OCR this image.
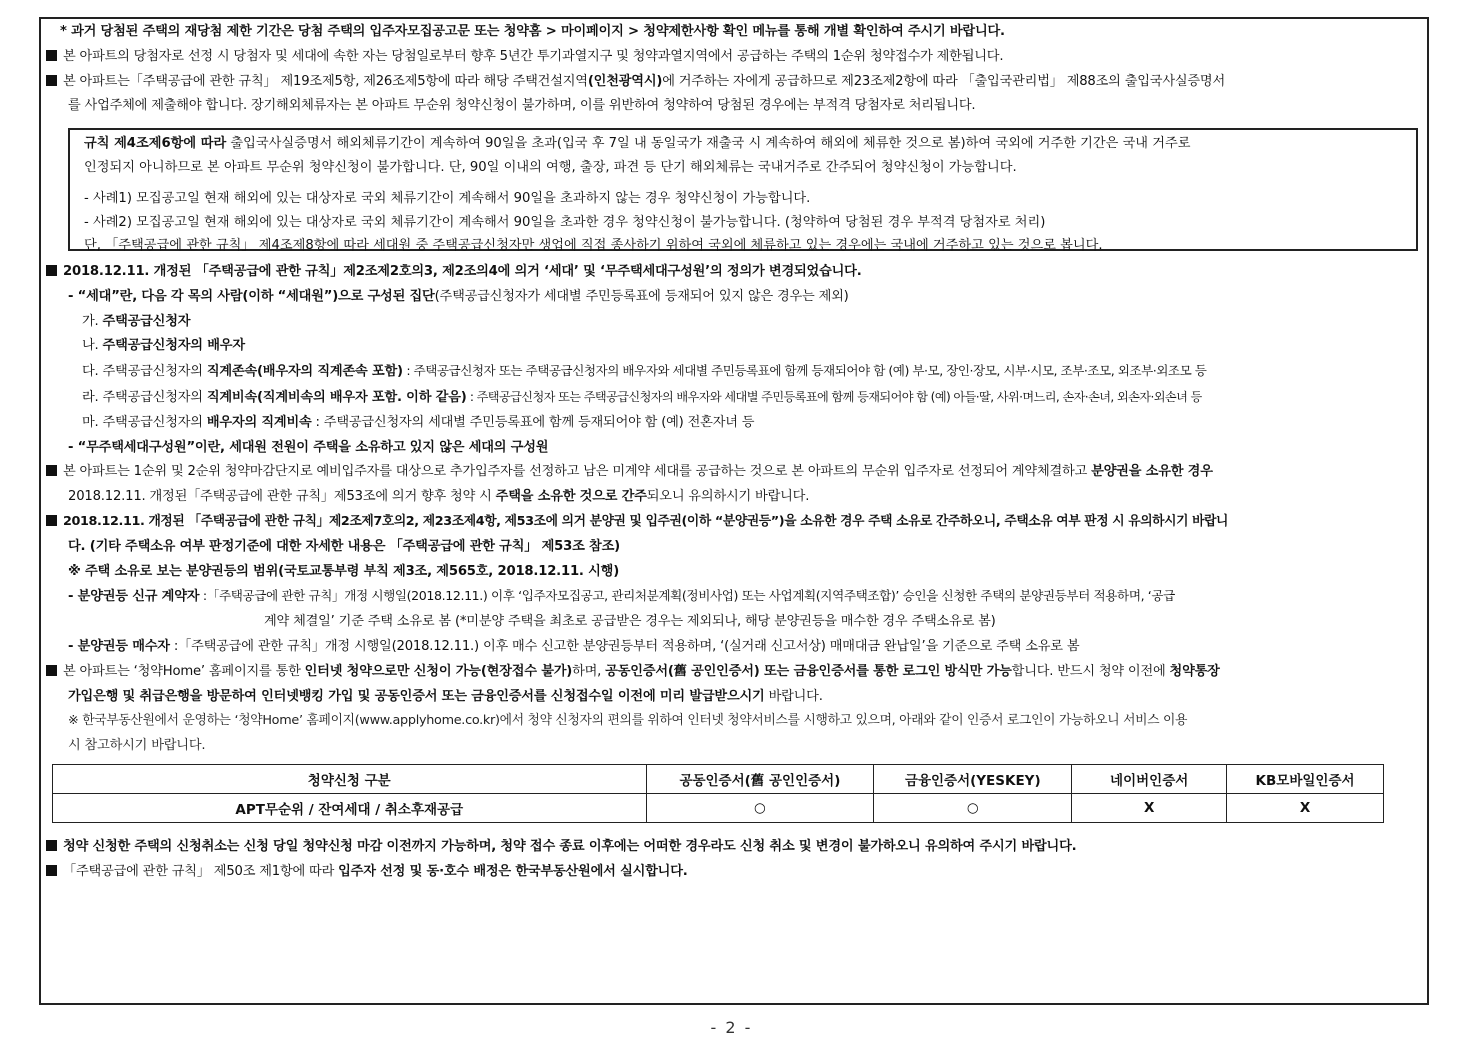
* 과거 당첨된 주택의 재당첨 제한 기간은 당첨 주택의 입주자모집공고문 또는 청약홈 > 마이페이지 > 청약제한사항 확인 메뉴를 통해 개별 확인하여 주시기 바랍니다.
본 아파트의 당첨자로 선정 시 당첨자 및 세대에 속한 자는 당첨일로부터 향후 5년간 투기과열지구 및 청약과열지역에서 공급하는 주택의 1순위 청약접수가 제한됩니다.
본 아파트는「주택공급에 관한 규칙」 제19조제5항, 제26조제5항에 따라 해당 주택건설지역(인천광역시)에 거주하는 자에게 공급하므로 제23조제2항에 따라 「출입국관리법」 제88조의 출입국사실증명서
를 사업주체에 제출해야 합니다. 장기해외체류자는 본 아파트 무순위 청약신청이 불가하며, 이를 위반하여 청약하여 당첨된 경우에는 부적격 당첨자로 처리됩니다.
규칙 제4조제6항에 따라 출입국사실증명서 해외체류기간이 계속하여 90일을 초과(입국 후 7일 내 동일국가 재출국 시 계속하여 해외에 체류한 것으로 봄)하여 국외에 거주한 기간은 국내 거주로
인정되지 아니하므로 본 아파트 무순위 청약신청이 불가합니다. 단, 90일 이내의 여행, 출장, 파견 등 단기 해외체류는 국내거주로 간주되어 청약신청이 가능합니다.
- 사례1) 모집공고일 현재 해외에 있는 대상자로 국외 체류기간이 계속해서 90일을 초과하지 않는 경우 청약신청이 가능합니다.
- 사례2) 모집공고일 현재 해외에 있는 대상자로 국외 체류기간이 계속해서 90일을 초과한 경우 청약신청이 불가능합니다. (청약하여 당첨된 경우 부적격 당첨자로 처리)
단, 「주택공급에 관한 규칙」 제4조제8항에 따라 세대원 중 주택공급신청자만 생업에 직접 종사하기 위하여 국외에 체류하고 있는 경우에는 국내에 거주하고 있는 것으로 봅니다.
2018.12.11. 개정된 「주택공급에 관한 규칙」제2조제2호의3, 제2조의4에 의거 ‘세대’ 및 ‘무주택세대구성원’의 정의가 변경되었습니다.
- “세대”란, 다음 각 목의 사람(이하 “세대원”)으로 구성된 집단(주택공급신청자가 세대별 주민등록표에 등재되어 있지 않은 경우는 제외)
가. 주택공급신청자
나. 주택공급신청자의 배우자
다. 주택공급신청자의 직계존속(배우자의 직계존속 포함) : 주택공급신청자 또는 주택공급신청자의 배우자와 세대별 주민등록표에 함께 등재되어야 함 (예) 부·모, 장인·장모, 시부·시모, 조부·조모, 외조부·외조모 등
라. 주택공급신청자의 직계비속(직계비속의 배우자 포함. 이하 같음) : 주택공급신청자 또는 주택공급신청자의 배우자와 세대별 주민등록표에 함께 등재되어야 함 (예) 아들·딸, 사위·며느리, 손자·손녀, 외손자·외손녀 등
마. 주택공급신청자의 배우자의 직계비속 : 주택공급신청자의 세대별 주민등록표에 함께 등재되어야 함 (예) 전혼자녀 등
- “무주택세대구성원”이란, 세대원 전원이 주택을 소유하고 있지 않은 세대의 구성원
본 아파트는 1순위 및 2순위 청약마감단지로 예비입주자를 대상으로 추가입주자를 선정하고 남은 미계약 세대를 공급하는 것으로 본 아파트의 무순위 입주자로 선정되어 계약체결하고 분양권을 소유한 경우
2018.12.11. 개정된「주택공급에 관한 규칙」제53조에 의거 향후 청약 시 주택을 소유한 것으로 간주되오니 유의하시기 바랍니다.
2018.12.11. 개정된 「주택공급에 관한 규칙」제2조제7호의2, 제23조제4항, 제53조에 의거 분양권 및 입주권(이하 “분양권등”)을 소유한 경우 주택 소유로 간주하오니, 주택소유 여부 판정 시 유의하시기 바랍니
다. (기타 주택소유 여부 판정기준에 대한 자세한 내용은 「주택공급에 관한 규칙」 제53조 참조)
※ 주택 소유로 보는 분양권등의 범위(국토교통부령 부칙 제3조, 제565호, 2018.12.11. 시행)
- 분양권등 신규 계약자 :「주택공급에 관한 규칙」개정 시행일(2018.12.11.) 이후 ‘입주자모집공고, 관리처분계획(정비사업) 또는 사업계획(지역주택조합)’ 승인을 신청한 주택의 분양권등부터 적용하며, ‘공급
계약 체결일’ 기준 주택 소유로 봄 (*미분양 주택을 최초로 공급받은 경우는 제외되나, 해당 분양권등을 매수한 경우 주택소유로 봄)
- 분양권등 매수자 :「주택공급에 관한 규칙」개정 시행일(2018.12.11.) 이후 매수 신고한 분양권등부터 적용하며, ‘(실거래 신고서상) 매매대금 완납일’을 기준으로 주택 소유로 봄
본 아파트는 ‘청약Home’ 홈페이지를 통한 인터넷 청약으로만 신청이 가능(현장접수 불가)하며, 공동인증서(舊 공인인증서) 또는 금융인증서를 통한 로그인 방식만 가능합니다. 반드시 청약 이전에 청약통장
가입은행 및 취급은행을 방문하여 인터넷뱅킹 가입 및 공동인증서 또는 금융인증서를 신청접수일 이전에 미리 발급받으시기 바랍니다.
※ 한국부동산원에서 운영하는 ‘청약Home’ 홈페이지(www.applyhome.co.kr)에서 청약 신청자의 편의를 위하여 인터넷 청약서비스를 시행하고 있으며, 아래와 같이 인증서 로그인이 가능하오니 서비스 이용
시 참고하시기 바랍니다.
청약신청 구분	공동인증서(舊 공인인증서)	금융인증서(YESKEY)	네이버인증서	KB모바일인증서
APT무순위 / 잔여세대 / 취소후재공급	○	○	X	X
청약 신청한 주택의 신청취소는 신청 당일 청약신청 마감 이전까지 가능하며, 청약 접수 종료 이후에는 어떠한 경우라도 신청 취소 및 변경이 불가하오니 유의하여 주시기 바랍니다.
「주택공급에 관한 규칙」 제50조 제1항에 따라 입주자 선정 및 동·호수 배정은 한국부동산원에서 실시합니다.
- 2 -
